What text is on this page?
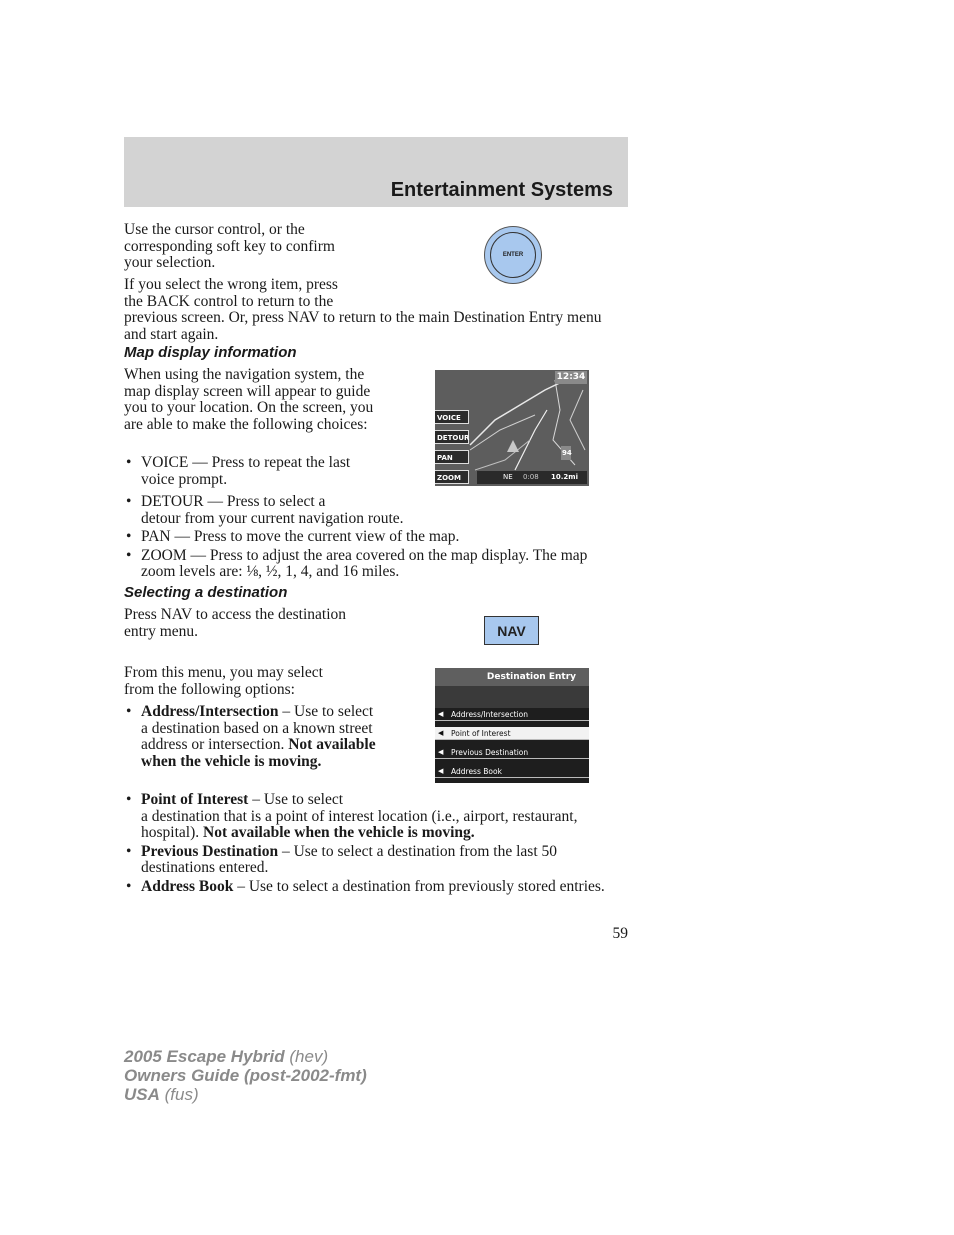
Entertainment Systems

Use the cursor control, or the corresponding soft key to confirm your selection.	ENTER
If you select the wrong item, press
the BACK control to return to the
previous screen. Or, press NAV to return to the main Destination Entry menu and start again.
Map display information

When using the navigation system, the map display screen will appear to guide you to your location. On the screen, you are able to make the following choices:

• VOICE — Press to repeat the last voice prompt.
• DETOUR — Press to select a
detour from your current navigation route.
• PAN — Press to move the current view of the map.
• ZOOM — Press to adjust the area covered on the map display. The map zoom levels are: ⅛, ½, 1, 4, and 16 miles.
12:34
VOICE
DETOUR
PAN
ZOOM
94
NE 0:08 10.2mi
Selecting a destination

Press NAV to access the destination entry menu.	NAV

From this menu, you may select from the following options:

• Address/Intersection – Use to select a destination based on a known street address or intersection. Not available when the vehicle is moving.
• Point of Interest – Use to select
a destination that is a point of interest location (i.e., airport, restaurant, hospital). Not available when the vehicle is moving.
• Previous Destination – Use to select a destination from the last 50 destinations entered.
• Address Book – Use to select a destination from previously stored entries.
Destination Entry
◀ Address/Intersection
◀ Point of Interest
◀ Previous Destination
◀ Address Book
59
2005 Escape Hybrid (hev)
Owners Guide (post-2002-fmt)
USA (fus)
